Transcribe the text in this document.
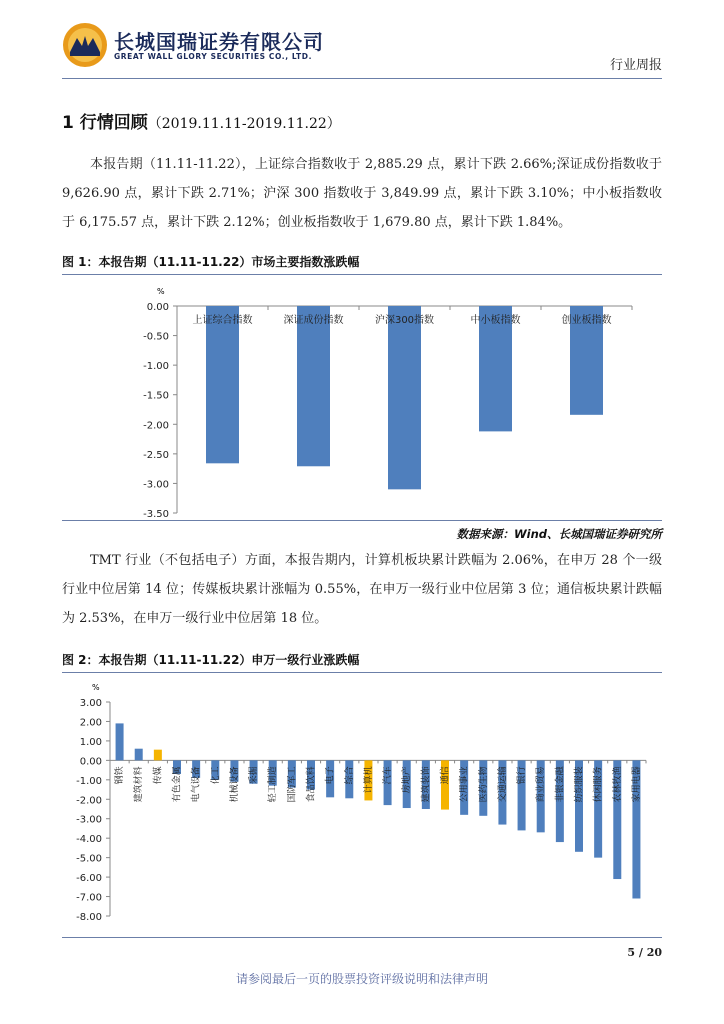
长城国瑞证券有限公司
GREAT WALL GLORY SECURITIES CO., LTD.
行业周报
1 行情回顾（2019.11.11-2019.11.22）
本报告期（11.11-11.22），上证综合指数收于 2,885.29 点，累计下跌 2.66%;深证成份指数收于 9,626.90 点，累计下跌 2.71%；沪深 300 指数收于 3,849.99 点，累计下跌 3.10%；中小板指数收于 6,175.57 点，累计下跌 2.12%；创业板指数收于 1,679.80 点，累计下跌 1.84%。
图 1：本报告期（11.11-11.22）市场主要指数涨跌幅
%
0.00
-0.50
-1.00
-1.50
-2.00
-2.50
-3.00
-3.50
上证综合指数	深证成份指数	沪深300指数	中小板指数	创业板指数
数据来源：Wind、长城国瑞证券研究所
TMT 行业（不包括电子）方面，本报告期内，计算机板块累计跌幅为 2.06%，在申万 28 个一级行业中位居第 14 位；传媒板块累计涨幅为 0.55%，在申万一级行业中位居第 3 位；通信板块累计跌幅为 2.53%，在申万一级行业中位居第 18 位。
图 2：本报告期（11.11-11.22）申万一级行业涨跌幅
%
3.00
2.00
1.00
0.00
-1.00
-2.00
-3.00
-4.00
-5.00
-6.00
-7.00
-8.00
钢铁 建筑材料 传媒 有色金属 电气设备 化工 机械设备 采掘 轻工制造 国防军工 食品饮料 电子 综合 计算机 汽车 房地产 建筑装饰 通信 公用事业 医药生物 交通运输 银行 商业贸易 非银金融 纺织服装 休闲服务 农林牧渔 家用电器
5 / 20
请参阅最后一页的股票投资评级说明和法律声明
